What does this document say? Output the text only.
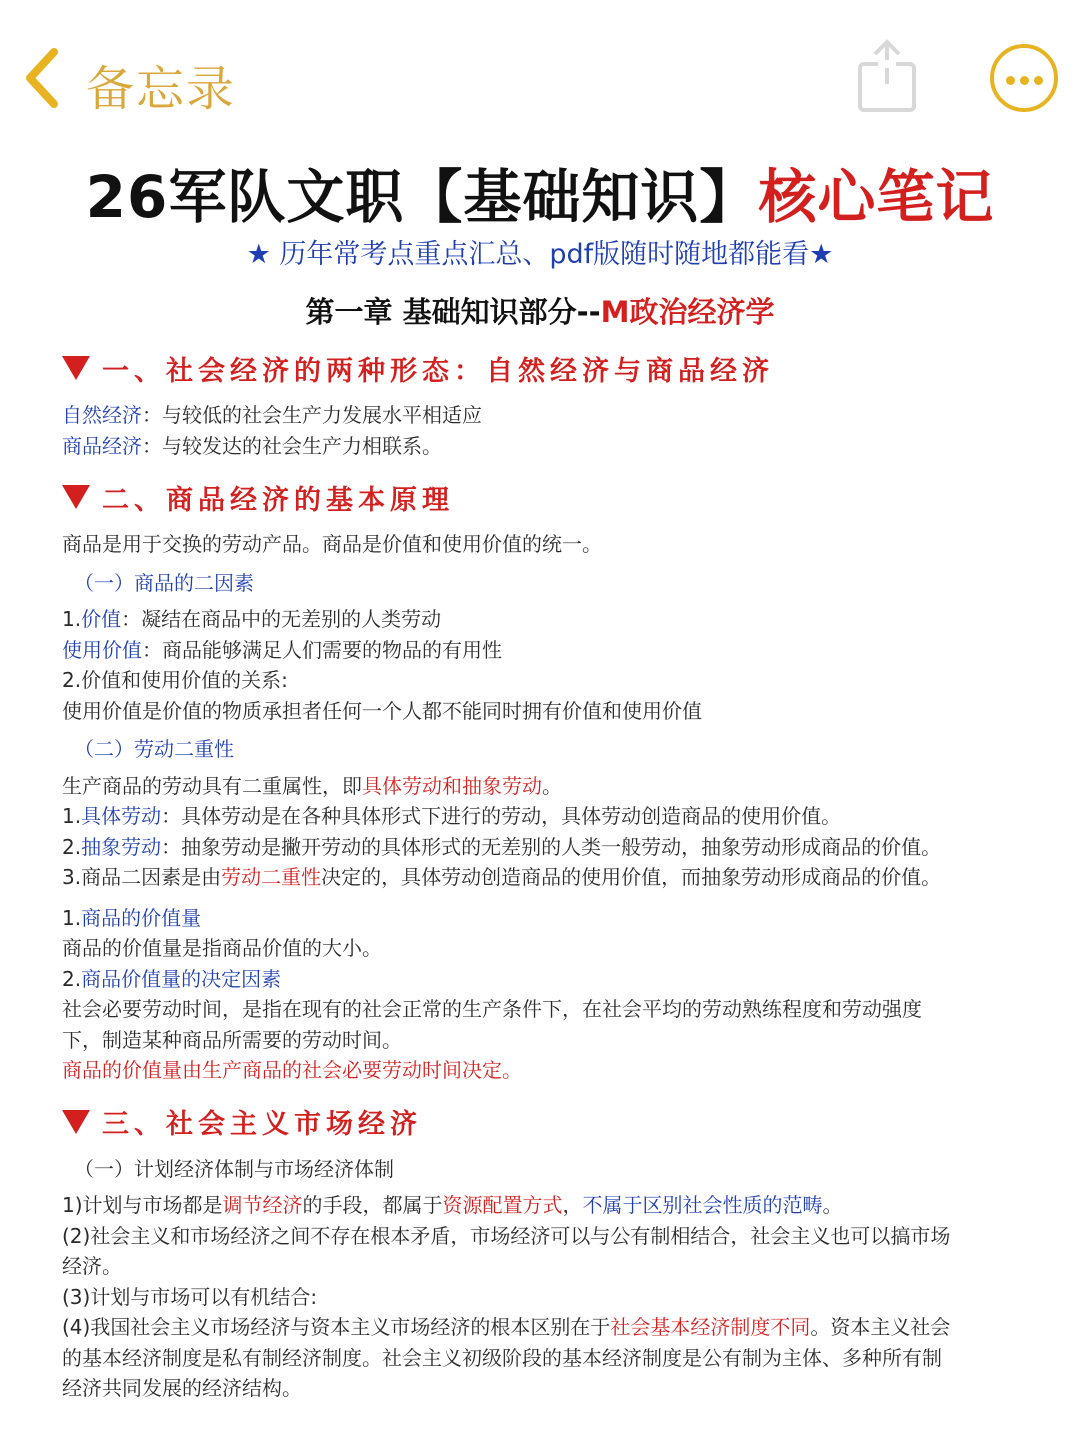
备忘录
26军队文职【基础知识】核心笔记
★ 历年常考点重点汇总、pdf版随时随地都能看★
第一章 基础知识部分--M政治经济学
一、社会经济的两种形态：自然经济与商品经济
自然经济：与较低的社会生产力发展水平相适应
商品经济：与较发达的社会生产力相联系。
二、商品经济的基本原理
商品是用于交换的劳动产品。商品是价值和使用价值的统一。
（一）商品的二因素
1.价值：凝结在商品中的无差别的人类劳动
使用价值：商品能够满足人们需要的物品的有用性
2.价值和使用价值的关系:
使用价值是价值的物质承担者任何一个人都不能同时拥有价值和使用价值
（二）劳动二重性
生产商品的劳动具有二重属性，即具体劳动和抽象劳动。
1.具体劳动：具体劳动是在各种具体形式下进行的劳动，具体劳动创造商品的使用价值。
2.抽象劳动：抽象劳动是撇开劳动的具体形式的无差别的人类一般劳动，抽象劳动形成商品的价值。
3.商品二因素是由劳动二重性决定的，具体劳动创造商品的使用价值，而抽象劳动形成商品的价值。
1.商品的价值量
商品的价值量是指商品价值的大小。
2.商品价值量的决定因素
社会必要劳动时间，是指在现有的社会正常的生产条件下，在社会平均的劳动熟练程度和劳动强度
下，制造某种商品所需要的劳动时间。
商品的价值量由生产商品的社会必要劳动时间决定。
三、社会主义市场经济
（一）计划经济体制与市场经济体制
1)计划与市场都是调节经济的手段，都属于资源配置方式，不属于区别社会性质的范畴。
(2)社会主义和市场经济之间不存在根本矛盾，市场经济可以与公有制相结合，社会主义也可以搞市场
经济。
(3)计划与市场可以有机结合:
(4)我国社会主义市场经济与资本主义市场经济的根本区别在于社会基本经济制度不同。资本主义社会
的基本经济制度是私有制经济制度。社会主义初级阶段的基本经济制度是公有制为主体、多种所有制
经济共同发展的经济结构。
